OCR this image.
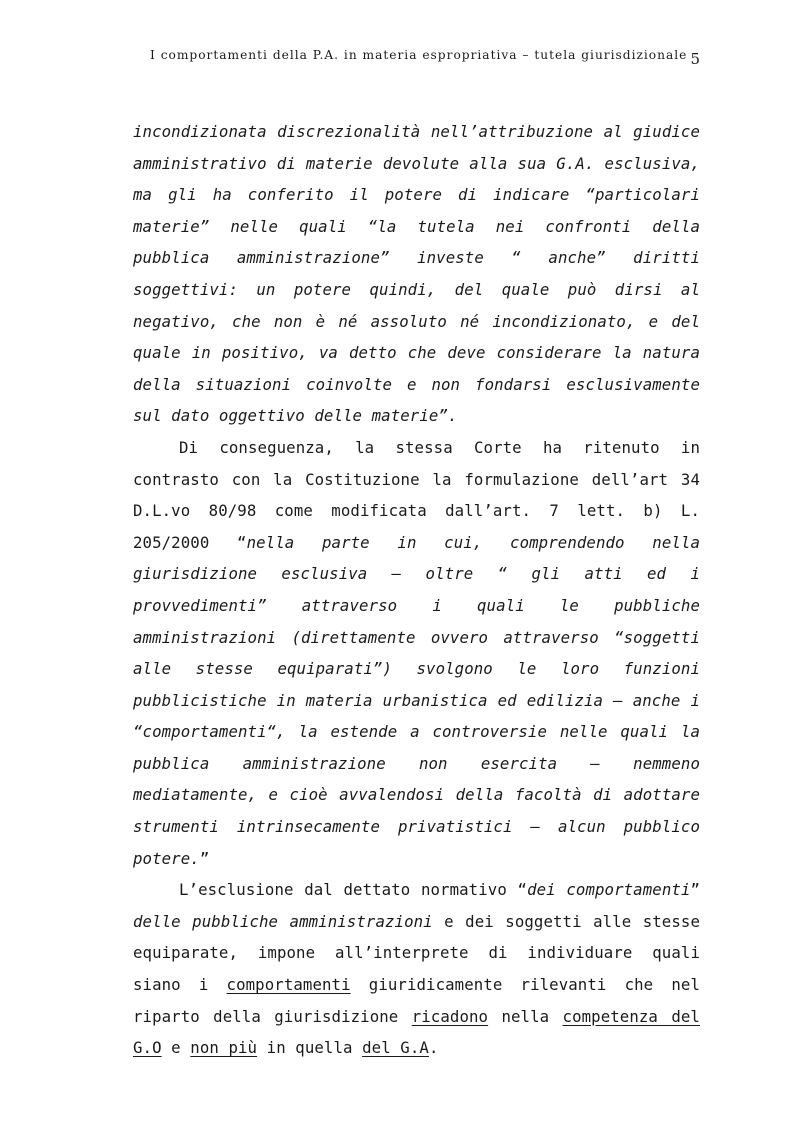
I comportamenti della P.A. in materia espropriativa – tutela giurisdizionale 5

incondizionata discrezionalità nell’attribuzione al giudice amministrativo di materie devolute alla sua G.A. esclusiva, ma gli ha conferito il potere di indicare “particolari materie” nelle quali “la tutela nei confronti della pubblica amministrazione” investe “ anche” diritti soggettivi: un potere quindi, del quale può dirsi al negativo, che non è né assoluto né incondizionato, e del quale in positivo, va detto che deve considerare la natura della situazioni coinvolte e non fondarsi esclusivamente sul dato oggettivo delle materie”.

Di conseguenza, la stessa Corte ha ritenuto in contrasto con la Costituzione la formulazione dell’art 34 D.L.vo 80/98 come modificata dall’art. 7 lett. b) L. 205/2000 “nella parte in cui, comprendendo nella giurisdizione esclusiva – oltre “ gli atti ed i provvedimenti” attraverso i quali le pubbliche amministrazioni (direttamente ovvero attraverso “soggetti alle stesse equiparati”) svolgono le loro funzioni pubblicistiche in materia urbanistica ed edilizia – anche i “comportamenti“, la estende a controversie nelle quali la pubblica amministrazione non esercita – nemmeno mediatamente, e cioè avvalendosi della facoltà di adottare strumenti intrinsecamente privatistici – alcun pubblico potere.”

L’esclusione dal dettato normativo “dei comportamenti” delle pubbliche amministrazioni e dei soggetti alle stesse equiparate, impone all’interprete di individuare quali siano i comportamenti giuridicamente rilevanti che nel riparto della giurisdizione ricadono nella competenza del G.O e non più in quella del G.A.
